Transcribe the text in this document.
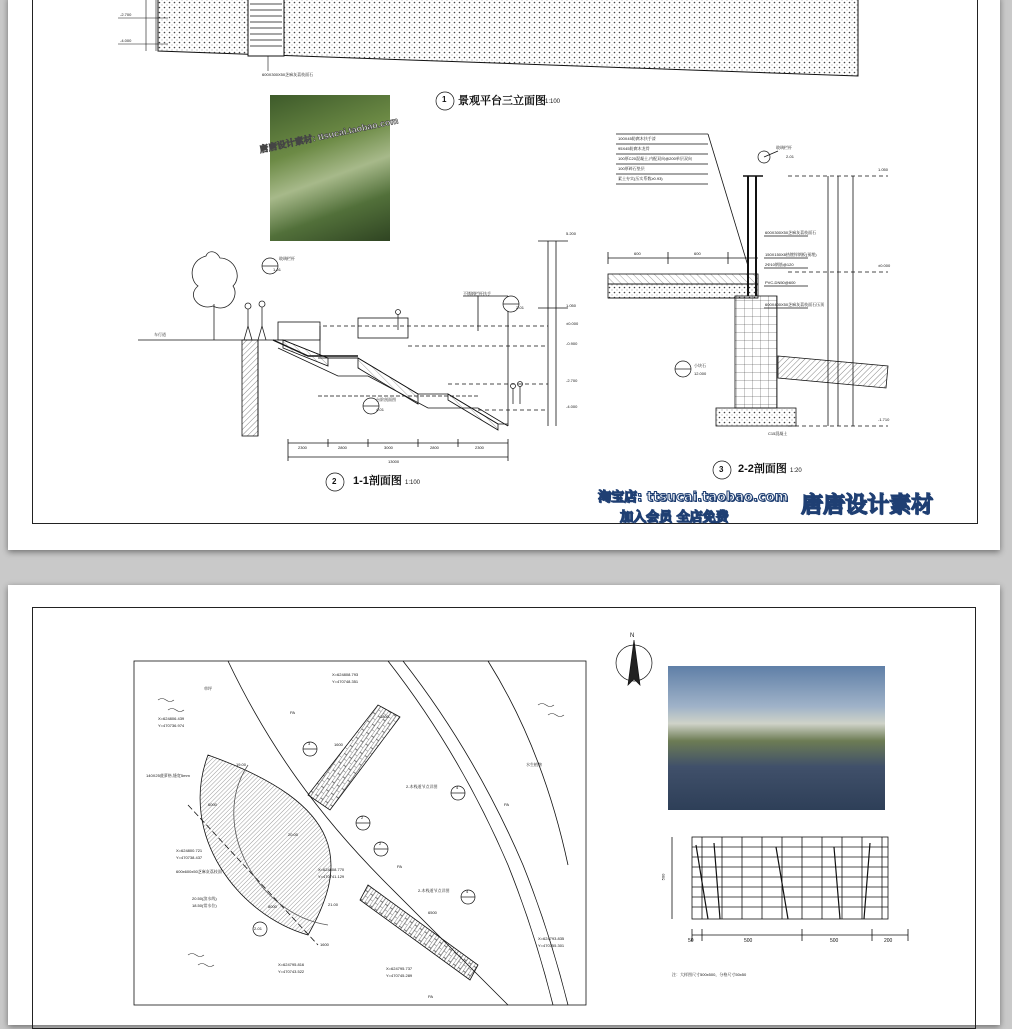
-2.700
-4.000
600X300X50芝麻灰荔枝面石
1 景观平台三立面图 1:100
唐唐设计素材: ttsucai.taobao.com
车行道
玻璃栏杆
1-01
不锈钢栏杆扶手
2-01
台阶剖面图
4-01
5.200
1.050
±0.000
-0.900
-2.700
-4.000
2300	2800	3000	2800	2300
13000
2 1-1剖面图 1:100
100X45防腐木扶手漆
95X45防腐木龙骨
100厚C20混凝土,内配双向@200单层双向
100厚碎石垫层
素土夯实(压实系数≥0.93)
玻璃栏杆
2-01
600X300X50芝麻灰荔枝面石
150X150X8热镀锌钢板(预埋)
2Φ10钢筋@120
PVC-DN50@600
600X400X50芝麻灰荔枝面石压顶
600	600
1.050
±0.000
-1.710
小块石
12.000
C15混凝土
3 2-2剖面图 1:20
淘宝店: ttsucai.taobao.com
加入会员 全店免费	唐唐设计素材
X=624808.793
Y=470748.351
X=624806.439
Y=470736.974
X=624800.721
Y=470738.437
X=624808.770
Y=470741.129
X=624795.816
Y=470743.522
X=624795.737
Y=470745.289
X=624793.835
Y=470755.301
PA
PA
PA
PA
140X25菠萝格,缝宽5mm
600x600x50芝麻灰荔枝面
20.50(滨水线)
18.50(常水位)
草坪
水生植物
2-木栈道节点详图
2-木栈道节点详图
3
2
2
4
4
2-01
6000
1600
6500
1800
8000
1600
19.00
20.00
21.00
N
500
50	500	500	200
注：大样图尺寸500x500，分格尺寸50x50
